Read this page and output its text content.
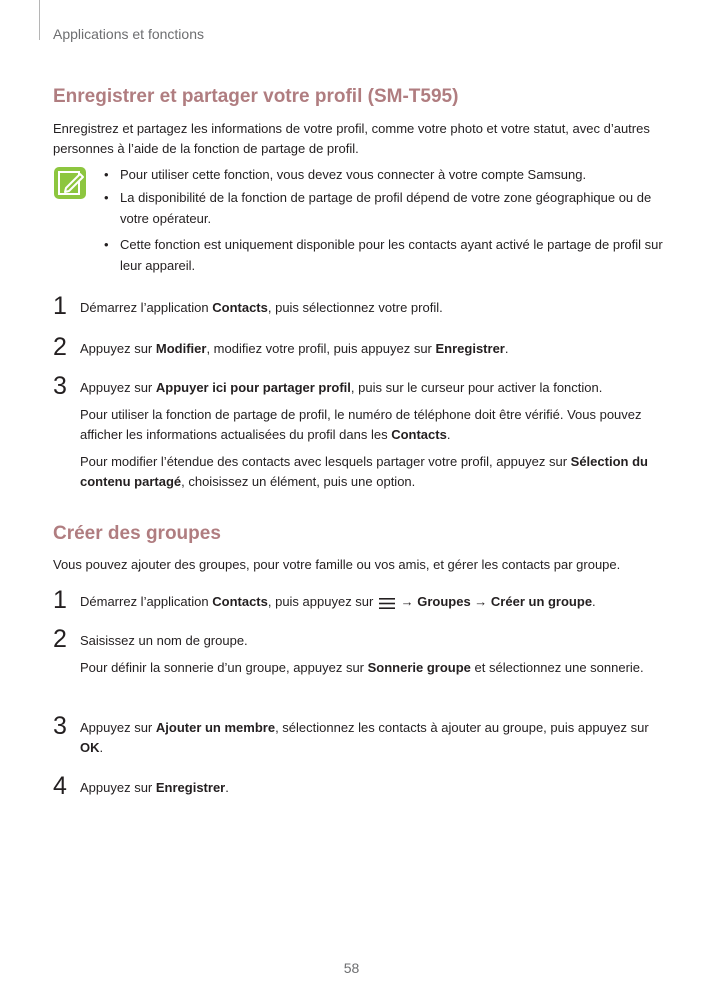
Applications et fonctions
Enregistrer et partager votre profil (SM-T595)
Enregistrez et partagez les informations de votre profil, comme votre photo et votre statut, avec d’autres personnes à l’aide de la fonction de partage de profil.
• Pour utiliser cette fonction, vous devez vous connecter à votre compte Samsung.
• La disponibilité de la fonction de partage de profil dépend de votre zone géographique ou de votre opérateur.
• Cette fonction est uniquement disponible pour les contacts ayant activé le partage de profil sur leur appareil.
1 Démarrez l’application Contacts, puis sélectionnez votre profil.
2 Appuyez sur Modifier, modifiez votre profil, puis appuyez sur Enregistrer.
3 Appuyez sur Appuyer ici pour partager profil, puis sur le curseur pour activer la fonction.
Pour utiliser la fonction de partage de profil, le numéro de téléphone doit être vérifié. Vous pouvez afficher les informations actualisées du profil dans les Contacts.
Pour modifier l’étendue des contacts avec lesquels partager votre profil, appuyez sur Sélection du contenu partagé, choisissez un élément, puis une option.
Créer des groupes
Vous pouvez ajouter des groupes, pour votre famille ou vos amis, et gérer les contacts par groupe.
1 Démarrez l’application Contacts, puis appuyez sur  → Groupes → Créer un groupe.
2 Saisissez un nom de groupe.
Pour définir la sonnerie d’un groupe, appuyez sur Sonnerie groupe et sélectionnez une sonnerie.
3 Appuyez sur Ajouter un membre, sélectionnez les contacts à ajouter au groupe, puis appuyez sur OK.
4 Appuyez sur Enregistrer.
58
